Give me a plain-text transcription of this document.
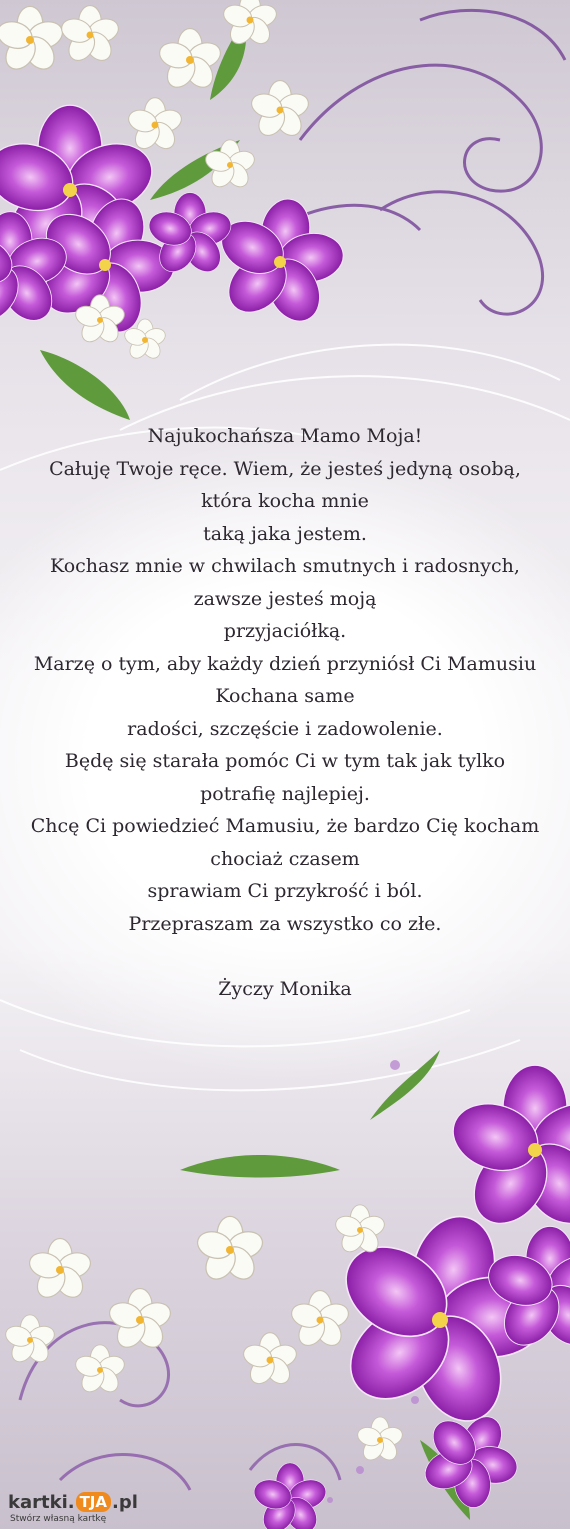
Najukochańsza Mamo Moja!
Całuję Twoje ręce. Wiem, że jesteś jedyną osobą,
która kocha mnie
taką jaka jestem.
Kochasz mnie w chwilach smutnych i radosnych,
zawsze jesteś moją
przyjaciółką.
Marzę o tym, aby każdy dzień przyniósł Ci Mamusiu
Kochana same
radości, szczęście i zadowolenie.
Będę się starała pomóc Ci w tym tak jak tylko
potrafię najlepiej.
Chcę Ci powiedzieć Mamusiu, że bardzo Cię kocham
chociaż czasem
sprawiam Ci przykrość i ból.
Przepraszam za wszystko co złe.
Życzy Monika
kartki. TJA .pl
Stwórz własną kartkę
